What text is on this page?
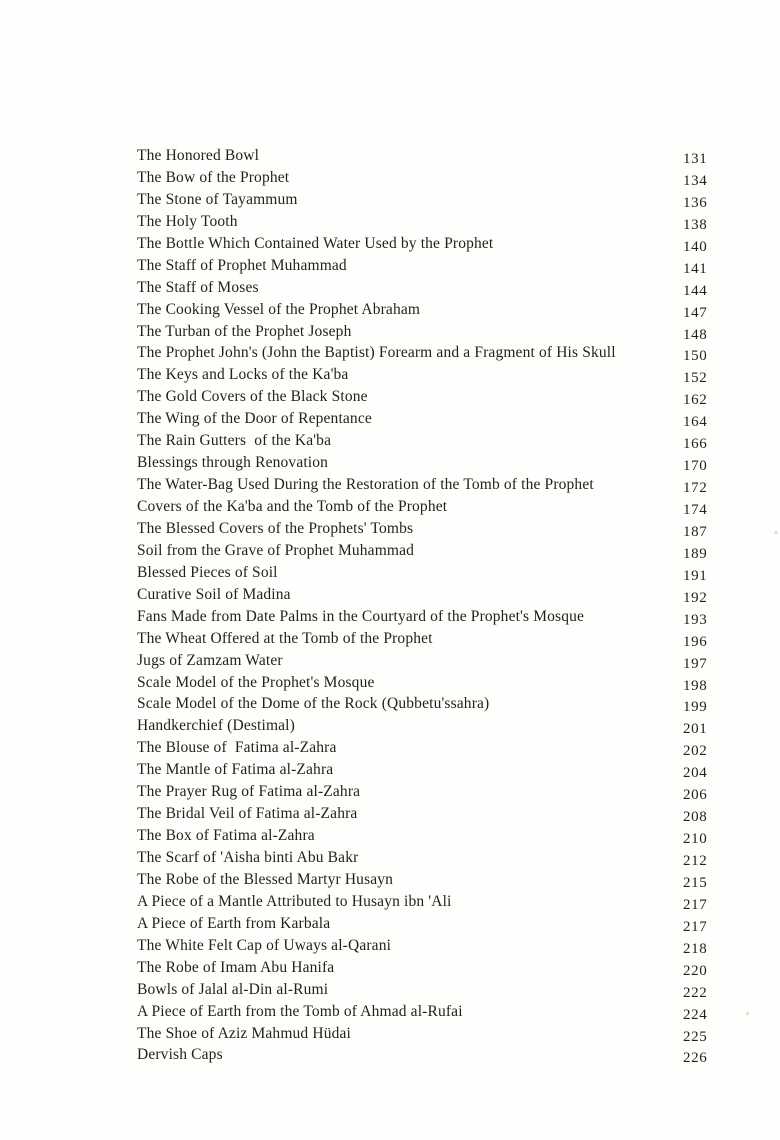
The Honored Bowl	131
The Bow of the Prophet	134
The Stone of Tayammum	136
The Holy Tooth	138
The Bottle Which Contained Water Used by the Prophet	140
The Staff of Prophet Muhammad	141
The Staff of Moses	144
The Cooking Vessel of the Prophet Abraham	147
The Turban of the Prophet Joseph	148
The Prophet John's (John the Baptist) Forearm and a Fragment of His Skull	150
The Keys and Locks of the Ka'ba	152
The Gold Covers of the Black Stone	162
The Wing of the Door of Repentance	164
The Rain Gutters  of the Ka'ba	166
Blessings through Renovation	170
The Water-Bag Used During the Restoration of the Tomb of the Prophet	172
Covers of the Ka'ba and the Tomb of the Prophet	174
The Blessed Covers of the Prophets' Tombs	187
Soil from the Grave of Prophet Muhammad	189
Blessed Pieces of Soil	191
Curative Soil of Madina	192
Fans Made from Date Palms in the Courtyard of the Prophet's Mosque	193
The Wheat Offered at the Tomb of the Prophet	196
Jugs of Zamzam Water	197
Scale Model of the Prophet's Mosque	198
Scale Model of the Dome of the Rock (Qubbetu'ssahra)	199
Handkerchief (Destimal)	201
The Blouse of  Fatima al-Zahra	202
The Mantle of Fatima al-Zahra	204
The Prayer Rug of Fatima al-Zahra	206
The Bridal Veil of Fatima al-Zahra	208
The Box of Fatima al-Zahra	210
The Scarf of 'Aisha binti Abu Bakr	212
The Robe of the Blessed Martyr Husayn	215
A Piece of a Mantle Attributed to Husayn ibn 'Ali	217
A Piece of Earth from Karbala	217
The White Felt Cap of Uways al-Qarani	218
The Robe of Imam Abu Hanifa	220
Bowls of Jalal al-Din al-Rumi	222
A Piece of Earth from the Tomb of Ahmad al-Rufai	224
The Shoe of Aziz Mahmud Hüdai	225
Dervish Caps	226
